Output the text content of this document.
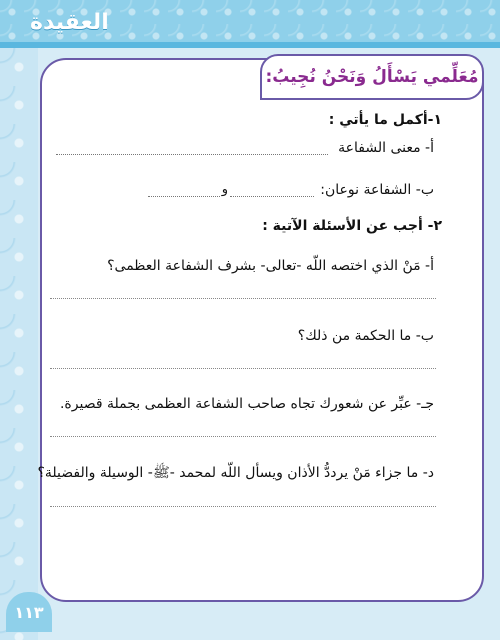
العقيدة
مُعَلِّمي يَسْأَلُ وَنَحْنُ نُجِيبُ:
١-أكمل ما يأتي :
أ- معنى الشفاعة
ب- الشفاعة نوعان:
و
٢- أجب عن الأسئلة الآتية :
أ- مَنْ الذي اختصه اللّه -تعالى- بشرف الشفاعة العظمى؟
ب- ما الحكمة من ذلك؟
جـ- عبِّر عن شعورك تجاه صاحب الشفاعة العظمى بجملة قصيرة.
د- ما جزاء مَنْ يرددُّ الأذان ويسأل اللّه لمحمد -ﷺ- الوسيلة والفضيلة؟
١١٣
